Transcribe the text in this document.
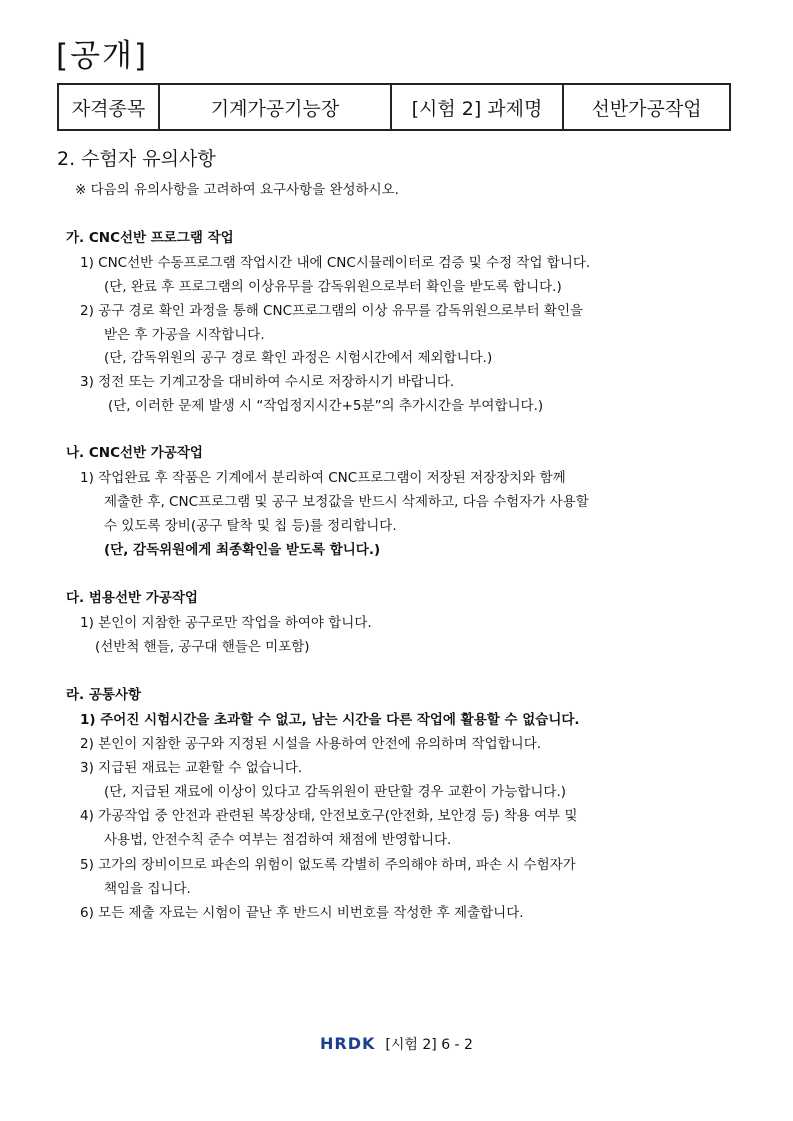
[공개]
자격종목	기계가공기능장	[시험 2] 과제명	선반가공작업
2. 수험자 유의사항
※ 다음의 유의사항을 고려하여 요구사항을 완성하시오.
가. CNC선반 프로그램 작업
1) CNC선반 수동프로그램 작업시간 내에 CNC시뮬레이터로 검증 및 수정 작업 합니다.
(단, 완료 후 프로그램의 이상유무를 감독위원으로부터 확인을 받도록 합니다.)
2) 공구 경로 확인 과정을 통해 CNC프로그램의 이상 유무를 감독위원으로부터 확인을
받은 후 가공을 시작합니다.
(단, 감독위원의 공구 경로 확인 과정은 시험시간에서 제외합니다.)
3) 정전 또는 기계고장을 대비하여 수시로 저장하시기 바랍니다.
(단, 이러한 문제 발생 시 “작업정지시간+5분”의 추가시간을 부여합니다.)
나. CNC선반 가공작업
1) 작업완료 후 작품은 기계에서 분리하여 CNC프로그램이 저장된 저장장치와 함께
제출한 후, CNC프로그램 및 공구 보정값을 반드시 삭제하고, 다음 수험자가 사용할
수 있도록 장비(공구 탈착 및 칩 등)를 정리합니다.
(단, 감독위원에게 최종확인을 받도록 합니다.)
다. 범용선반 가공작업
1) 본인이 지참한 공구로만 작업을 하여야 합니다.
(선반척 핸들, 공구대 핸들은 미포함)
라. 공통사항
1) 주어진 시험시간을 초과할 수 없고, 남는 시간을 다른 작업에 활용할 수 없습니다.
2) 본인이 지참한 공구와 지정된 시설을 사용하여 안전에 유의하며 작업합니다.
3) 지급된 재료는 교환할 수 없습니다.
(단, 지급된 재료에 이상이 있다고 감독위원이 판단할 경우 교환이 가능합니다.)
4) 가공작업 중 안전과 관련된 복장상태, 안전보호구(안전화, 보안경 등) 착용 여부 및
사용법, 안전수칙 준수 여부는 점검하여 채점에 반영합니다.
5) 고가의 장비이므로 파손의 위험이 없도록 각별히 주의해야 하며, 파손 시 수험자가
책임을 집니다.
6) 모든 제출 자료는 시험이 끝난 후 반드시 비번호를 작성한 후 제출합니다.
HRDK [시험 2] 6 - 2
